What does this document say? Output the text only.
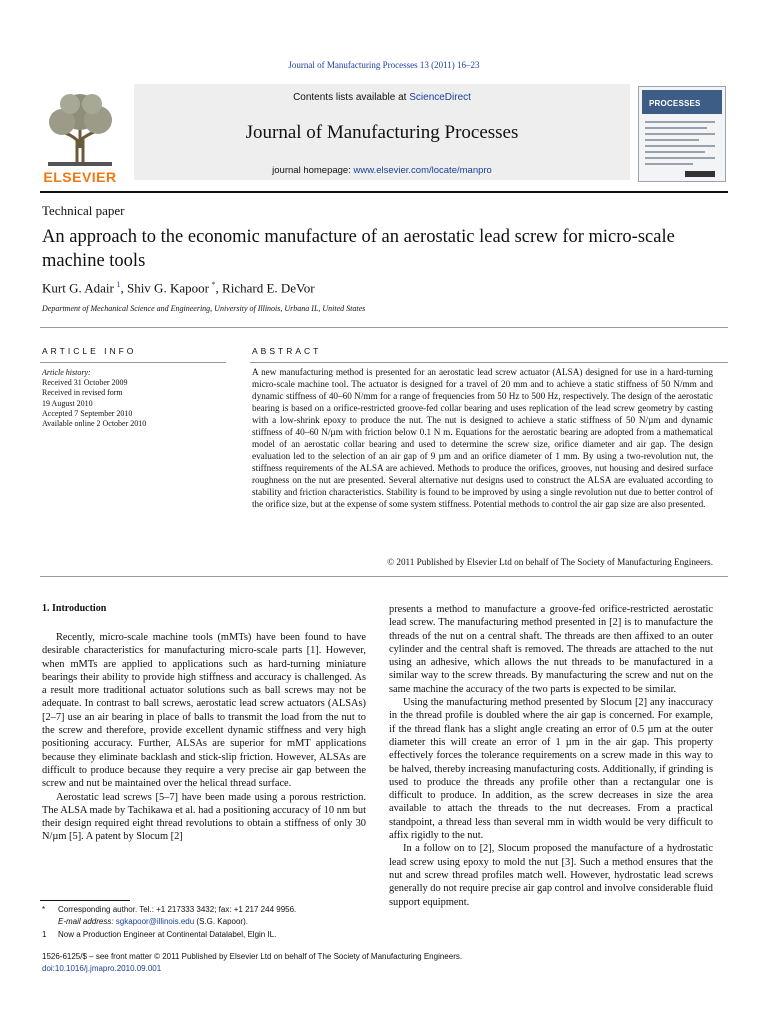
Journal of Manufacturing Processes 13 (2011) 16–23
ELSEVIER
Contents lists available at ScienceDirect
Journal of Manufacturing Processes
journal homepage: www.elsevier.com/locate/manpro
PROCESSES
Technical paper
An approach to the economic manufacture of an aerostatic lead screw for micro-scale machine tools
Kurt G. Adair  $^1$, Shiv G. Kapoor  *, Richard E. DeVor
Department of Mechanical Science and Engineering, University of Illinois, Urbana IL, United States
ARTICLE INFO
Article history:
Received 31 October 2009
Received in revised form
19 August 2010
Accepted 7 September 2010
Available online 2 October 2010
ABSTRACT
A new manufacturing method is presented for an aerostatic lead screw actuator (ALSA) designed for use in a hard-turning micro-scale machine tool. The actuator is designed for a travel of 20 mm and to achieve a static stiffness of 50 N/mm and dynamic stiffness of 40–60 N/mm for a range of frequencies from 50 Hz to 500 Hz, respectively. The design of the aerostatic bearing is based on a orifice-restricted groove-fed collar bearing and uses replication of the lead screw geometry by casting with a low-shrink epoxy to produce the nut. The nut is designed to achieve a static stiffness of 50 N/µm and dynamic stiffness of 40–60 N/µm with friction below 0.1 N m. Equations for the aerostatic bearing are adopted from a mathematical model of an aerostatic collar bearing and used to determine the screw size, orifice diameter and air gap. The design evaluation led to the selection of an air gap of 9 µm and an orifice diameter of 1 mm. By using a two-revolution nut, the stiffness requirements of the ALSA are achieved. Methods to produce the orifices, grooves, nut housing and desired surface roughness on the nut are presented. Several alternative nut designs used to construct the ALSA are evaluated according to stability and friction characteristics. Stability is found to be improved by using a single revolution nut due to better control of the orifice size, but at the expense of some system stiffness. Potential methods to control the air gap size are also presented.
© 2011 Published by Elsevier Ltd on behalf of The Society of Manufacturing Engineers.
1. Introduction

Recently, micro-scale machine tools (mMTs) have been found to have desirable characteristics for manufacturing micro-scale parts [1]. However, when mMTs are applied to applications such as hard-turning miniature bearings their ability to provide high stiffness and accuracy is challenged. As a result more traditional actuator solutions such as ball screws may not be adequate. In contrast to ball screws, aerostatic lead screw actuators (ALSAs) [2–7] use an air bearing in place of balls to transmit the load from the nut to the screw and therefore, provide excellent dynamic stiffness and very high positioning accuracy. Further, ALSAs are superior for mMT applications because they eliminate backlash and stick-slip friction. However, ALSAs are difficult to produce because they require a very precise air gap between the screw and nut be maintained over the helical thread surface.

Aerostatic lead screws [5–7] have been made using a porous restriction. The ALSA made by Tachikawa et al. had a positioning accuracy of 10 nm but their design required eight thread revolutions to obtain a stiffness of only 30 N/µm [5]. A patent by Slocum [2]

presents a method to manufacture a groove-fed orifice-restricted aerostatic lead screw. The manufacturing method presented in [2] is to manufacture the threads of the nut on a central shaft. The threads are then affixed to an outer cylinder and the central shaft is removed. The threads are attached to the nut using an adhesive, which allows the nut threads to be manufactured in a similar way to the screw threads. By manufacturing the screw and nut on the same machine the accuracy of the two parts is expected to be similar.

Using the manufacturing method presented by Slocum [2] any inaccuracy in the thread profile is doubled where the air gap is concerned. For example, if the thread flank has a slight angle creating an error of 0.5 µm at the outer diameter this will create an error of 1 µm in the air gap. This property effectively forces the tolerance requirements on a screw made in this way to be halved, thereby increasing manufacturing costs. Additionally, if grinding is used to produce the threads any profile other than a rectangular one is difficult to produce. In addition, as the screw decreases in size the area available to attach the threads to the nut decreases. From a practical standpoint, a thread less than several mm in width would be very difficult to affix rigidly to the nut.

In a follow on to [2], Slocum proposed the manufacture of a hydrostatic lead screw using epoxy to mold the nut [3]. Such a method ensures that the nut and screw thread profiles match well. However, hydrostatic lead screws generally do not require precise air gap control and involve considerable fluid support equipment.

*	Corresponding author. Tel.: +1 217333 3432; fax: +1 217 244 9956.
E-mail address: sgkapoor@illinois.edu (S.G. Kapoor).
1	Now a Production Engineer at Continental Datalabel, Elgin IL.
1526-6125/$ – see front matter © 2011 Published by Elsevier Ltd on behalf of The Society of Manufacturing Engineers.
doi:10.1016/j.jmapro.2010.09.001
